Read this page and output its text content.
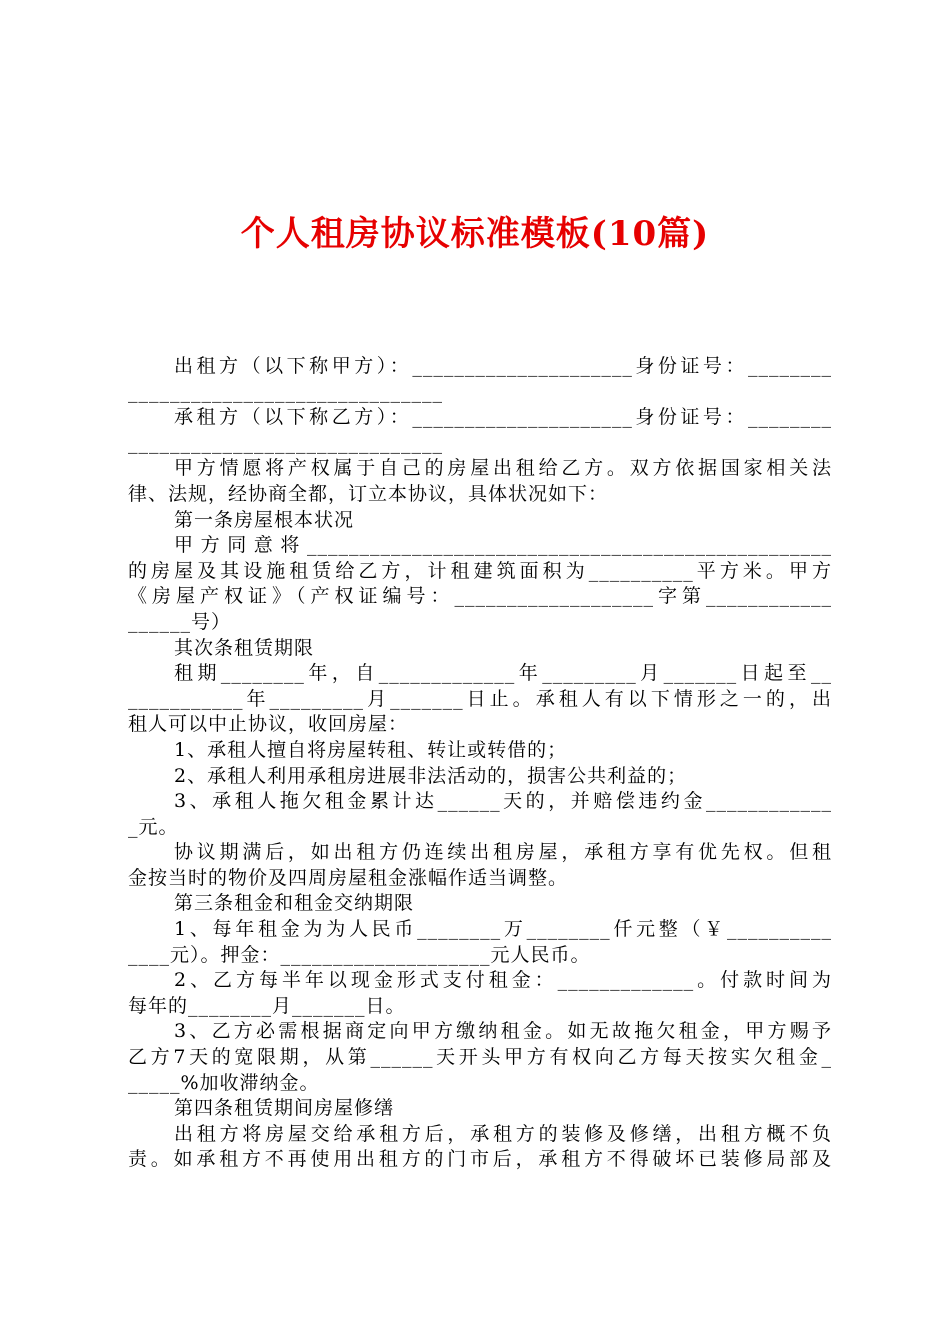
个人租房协议标准模板(10篇)
出租方（以下称甲方）：_____________________身份证号：________
______________________________
承租方（以下称乙方）：_____________________身份证号：________
______________________________
甲方情愿将产权属于自己的房屋出租给乙方。双方依据国家相关法
律、法规，经协商全都，订立本协议，具体状况如下：
第一条房屋根本状况
甲方同意将__________________________________________________
的房屋及其设施租赁给乙方，计租建筑面积为__________平方米。甲方
《房屋产权证》（产权证编号：___________________字第____________
______号）
其次条租赁期限
租期________年，自_____________年_________月_______日起至__
___________年_________月_______日止。承租人有以下情形之一的，出
租人可以中止协议，收回房屋：
1、承租人擅自将房屋转租、转让或转借的；
2、承租人利用承租房进展非法活动的，损害公共利益的；
3、承租人拖欠租金累计达______天的，并赔偿违约金____________
_元。
协议期满后，如出租方仍连续出租房屋，承租方享有优先权。但租
金按当时的物价及四周房屋租金涨幅作适当调整。
第三条租金和租金交纳期限
1、每年租金为为人民币________万________仟元整（￥__________
____元）。押金：____________________元人民币。
2、乙方每半年以现金形式支付租金：_____________。付款时间为
每年的________月_______日。
3、乙方必需根据商定向甲方缴纳租金。如无故拖欠租金，甲方赐予
乙方7天的宽限期，从第______天开头甲方有权向乙方每天按实欠租金_
_____%加收滞纳金。
第四条租赁期间房屋修缮
出租方将房屋交给承租方后，承租方的装修及修缮，出租方概不负
责。如承租方不再使用出租方的门市后，承租方不得破坏已装修局部及
